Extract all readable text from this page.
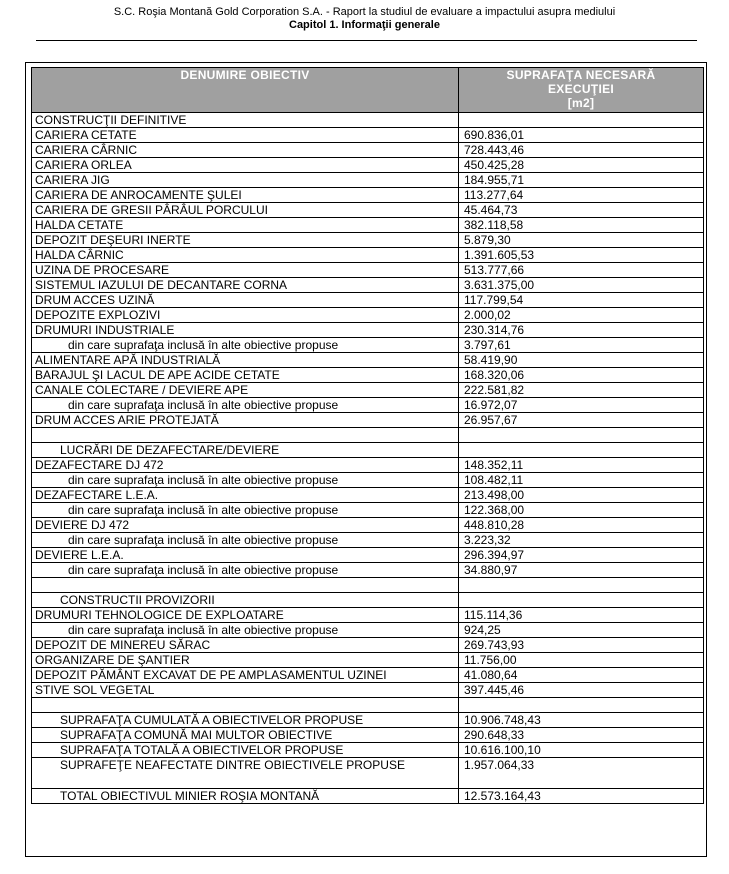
S.C. Roşia Montană Gold Corporation S.A. - Raport la studiul de evaluare a impactului asupra mediului
Capitol 1. Informaţii generale
DENUMIRE OBIECTIV	SUPRAFAŢA NECESARĂ
EXECUŢIEI
[m2]

CONSTRUCŢII DEFINITIVE	
CARIERA CETATE	690.836,01
CARIERA CÂRNIC	728.443,46
CARIERA ORLEA	450.425,28
CARIERA JIG	184.955,71
CARIERA DE ANROCAMENTE ŞULEI	113.277,64
CARIERA DE GRESII PÂRÂUL PORCULUI	45.464,73
HALDA CETATE	382.118,58
DEPOZIT DEŞEURI INERTE	5.879,30
HALDA CÂRNIC	1.391.605,53
UZINA DE PROCESARE	513.777,66
SISTEMUL IAZULUI DE DECANTARE CORNA	3.631.375,00
DRUM ACCES UZINĂ	117.799,54
DEPOZITE EXPLOZIVI	2.000,02
DRUMURI INDUSTRIALE	230.314,76
din care suprafaţa inclusă în alte obiective propuse	3.797,61
ALIMENTARE APĂ INDUSTRIALĂ	58.419,90
BARAJUL ŞI LACUL DE APE ACIDE CETATE	168.320,06
CANALE COLECTARE / DEVIERE APE	222.581,82
din care suprafaţa inclusă în alte obiective propuse	16.972,07
DRUM ACCES ARIE PROTEJATĂ	26.957,67

LUCRĂRI DE DEZAFECTARE/DEVIERE	
DEZAFECTARE DJ 472	148.352,11
din care suprafaţa inclusă în alte obiective propuse	108.482,11
DEZAFECTARE L.E.A.	213.498,00
din care suprafaţa inclusă în alte obiective propuse	122.368,00
DEVIERE DJ 472	448.810,28
din care suprafaţa inclusă în alte obiective propuse	3.223,32
DEVIERE L.E.A.	296.394,97
din care suprafaţa inclusă în alte obiective propuse	34.880,97

CONSTRUCTII PROVIZORII	
DRUMURI TEHNOLOGICE DE EXPLOATARE	115.114,36
din care suprafaţa inclusă în alte obiective propuse	924,25
DEPOZIT DE MINEREU SĂRAC	269.743,93
ORGANIZARE DE ŞANTIER	11.756,00
DEPOZIT PĂMÂNT EXCAVAT DE PE AMPLASAMENTUL UZINEI	41.080,64
STIVE SOL VEGETAL	397.445,46

SUPRAFAŢA CUMULATĂ A OBIECTIVELOR PROPUSE	10.906.748,43
SUPRAFAŢA COMUNĂ MAI MULTOR OBIECTIVE	290.648,33
SUPRAFAŢA TOTALĂ A OBIECTIVELOR PROPUSE	10.616.100,10
SUPRAFEŢE NEAFECTATE DINTRE OBIECTIVELE PROPUSE	1.957.064,33
TOTAL OBIECTIVUL MINIER ROŞIA MONTANĂ	12.573.164,43
